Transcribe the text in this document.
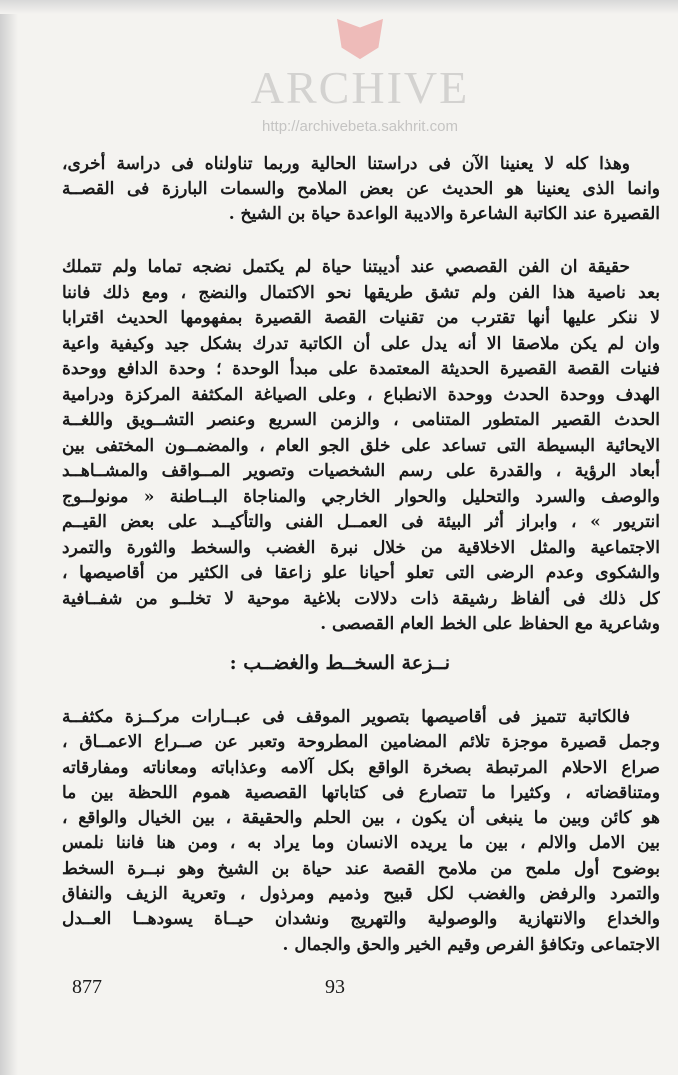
ARCHIVE
http://archivebeta.sakhrit.com
وهذا كله لا يعنينا الآن فى دراستنا الحالية وربما تناولناه فى دراسة أخرى،
وانما الذى يعنينا هو الحديث عن بعض الملامح والسمات البارزة فى القصــة
القصيرة عند الكاتبة الشاعرة والاديبة الواعدة حياة بن الشيخ .
حقيقة ان الفن القصصي عند أديبتنا حياة لم يكتمل نضجه تماما ولم تتملك
بعد ناصية هذا الفن ولم تشق طريقها نحو الاكتمال والنضج ، ومع ذلك فاننا
لا ننكر عليها أنها تقترب من تقنيات القصة القصيرة بمفهومها الحديث اقترابا
وان لم يكن ملاصقا الا أنه يدل على أن الكاتبة تدرك بشكل جيد وكيفية واعية
فنيات القصة القصيرة الحديثة المعتمدة على مبدأ الوحدة ؛ وحدة الدافع ووحدة
الهدف ووحدة الحدث ووحدة الانطباع ، وعلى الصياغة المكثفة المركزة ودرامية
الحدث القصير المتطور المتنامى ، والزمن السريع وعنصر التشــويق واللغــة
الايحائية البسيطة التى تساعد على خلق الجو العام ، والمضمــون المختفى بين
أبعاد الرؤية ، والقدرة على رسم الشخصيات وتصوير المــواقف والمشــاهــد
والوصف والسرد والتحليل والحوار الخارجي والمناجاة البــاطنة « مونولــوج
انتريور » ، وابراز أثر البيئة فى العمــل الفنى والتأكيــد على بعض القيــم
الاجتماعية والمثل الاخلاقية من خلال نبرة الغضب والسخط والثورة والتمرد
والشكوى وعدم الرضى التى تعلو أحيانا علو زاعقا فى الكثير من أقاصيصها ،
كل ذلك فى ألفاظ رشيقة ذات دلالات بلاغية موحية لا تخلــو من شفــافية
وشاعرية مع الحفاظ على الخط العام القصصى .
نــزعة السخــط والغضــب :
فالكاتبة تتميز فى أقاصيصها بتصوير الموقف فى عبــارات مركــزة مكثفــة
وجمل قصيرة موجزة تلائم المضامين المطروحة وتعبر عن صــراع الاعمــاق ،
صراع الاحلام المرتبطة بصخرة الواقع بكل آلامه وعذاباته ومعاناته ومفارقاته
ومتناقضاته ، وكثيرا ما تتصارع فى كتاباتها القصصية هموم اللحظة بين ما
هو كائن وبين ما ينبغى أن يكون ، بين الحلم والحقيقة ، بين الخيال والواقع ،
بين الامل والالم ، بين ما يريده الانسان وما يراد به ، ومن هنا فاننا نلمس
بوضوح أول ملمح من ملامح القصة عند حياة بن الشيخ وهو نبــرة السخط
والتمرد والرفض والغضب لكل قبيح وذميم ومرذول ، وتعرية الزيف والنفاق
والخداع والانتهازية والوصولية والتهريج ونشدان حيــاة يسودهــا العــدل
الاجتماعى وتكافؤ الفرص وقيم الخير والحق والجمال .
877	93
